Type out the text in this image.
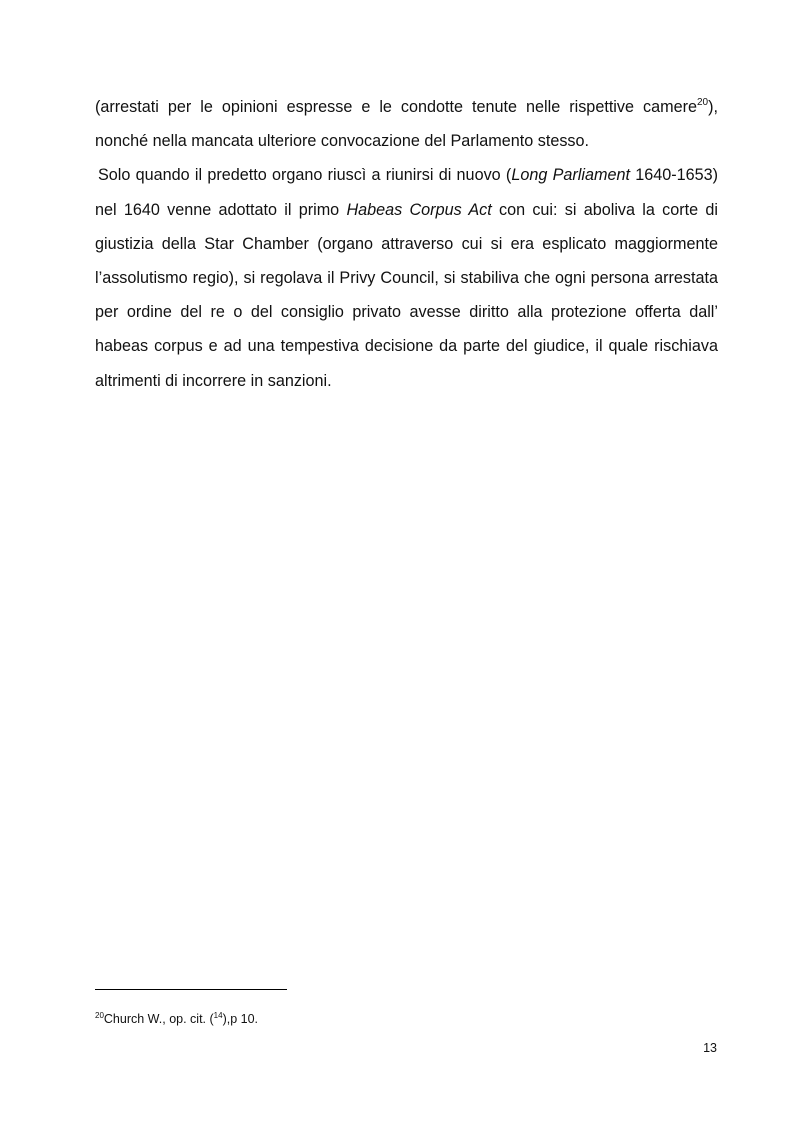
(arrestati per le opinioni espresse e le condotte tenute nelle rispettive camere$^{20}$), nonché nella mancata ulteriore convocazione del Parlamento stesso.

Solo quando il predetto organo riuscì a riunirsi di nuovo (Long Parliament 1640-1653) nel 1640 venne adottato il primo Habeas Corpus Act con cui: si aboliva la corte di giustizia della Star Chamber (organo attraverso cui si era esplicato maggiormente l’assolutismo regio), si regolava il Privy Council, si stabiliva che ogni persona arrestata per ordine del re o del consiglio privato avesse diritto alla protezione offerta dall’ habeas corpus e ad una tempestiva decisione da parte del giudice, il quale rischiava altrimenti di incorrere in sanzioni.

$^{20}$Church W., op. cit. ($^{14}$),p 10.
13
